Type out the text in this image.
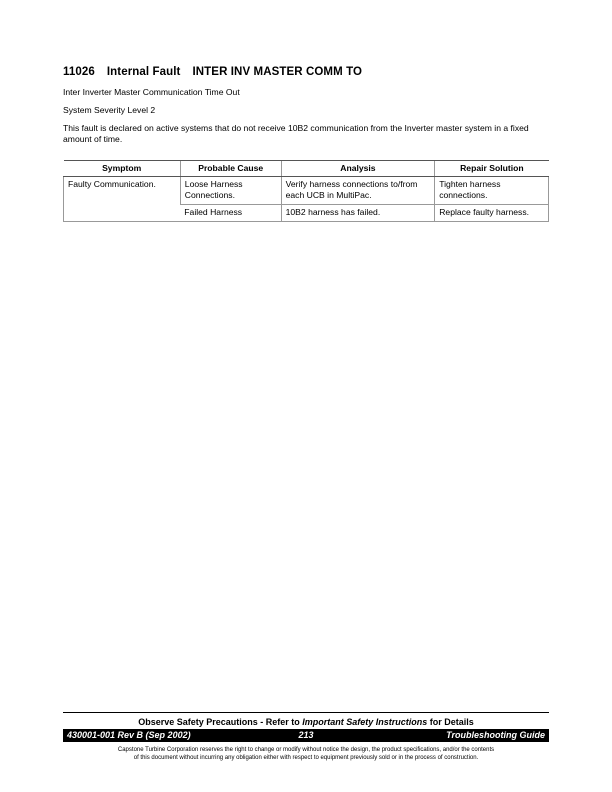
11026 Internal Fault INTER INV MASTER COMM TO

Inter Inverter Master Communication Time Out

System Severity Level 2

This fault is declared on active systems that do not receive 10B2 communication from the Inverter master system in a fixed amount of time.

Symptom	Probable Cause	Analysis	Repair Solution
Faulty Communication.	Loose Harness Connections.	Verify harness connections to/from each UCB in MultiPac.	Tighten harness connections.
	Failed Harness	10B2 harness has failed.	Replace faulty harness.
Observe Safety Precautions - Refer to Important Safety Instructions for Details
430001-001 Rev B (Sep 2002)	213	Troubleshooting Guide
Capstone Turbine Corporation reserves the right to change or modify without notice the design, the product specifications, and/or the contents
of this document without incurring any obligation either with respect to equipment previously sold or in the process of construction.
